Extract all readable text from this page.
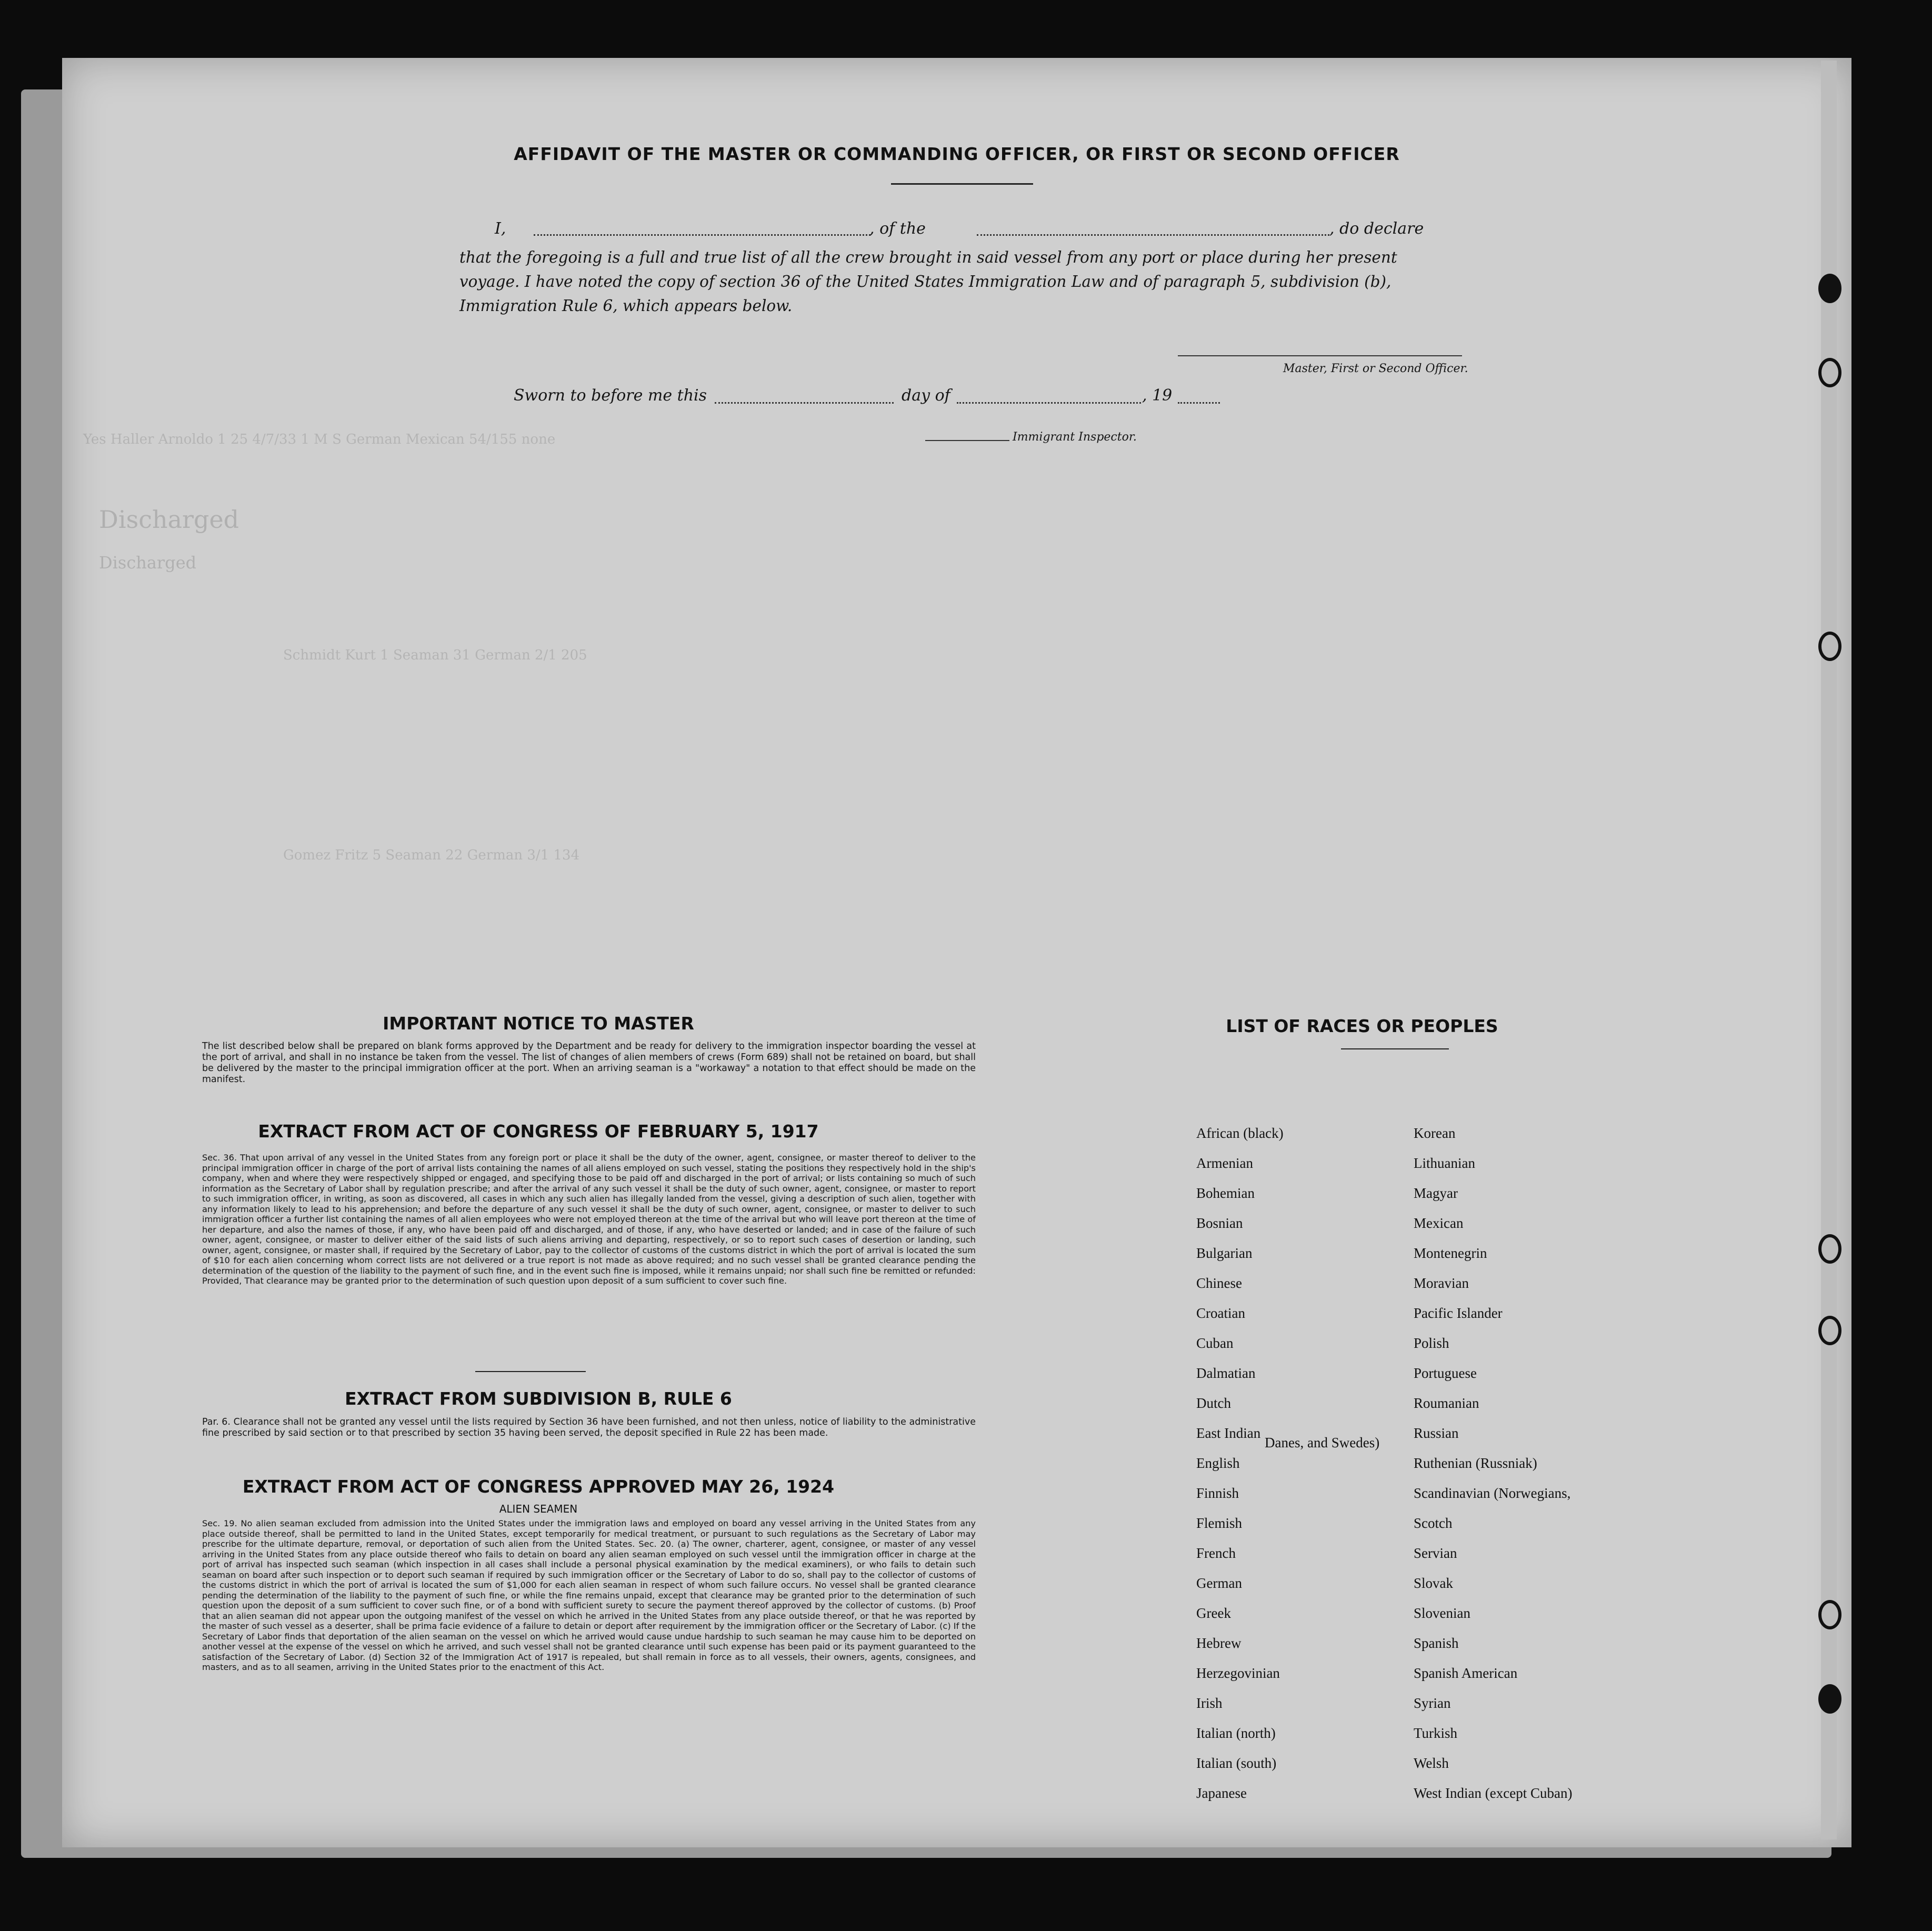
Discharged
Discharged
Yes Haller Arnoldo 1 25 4/7/33 1 M S German Mexican 54/155 none
Schmidt Kurt 1 Seaman 31 German 2/1 205
Gomez Fritz 5 Seaman 22 German 3/1 134
AFFIDAVIT OF THE MASTER OR COMMANDING OFFICER, OR FIRST OR SECOND OFFICER
I,	, of the	, do declare
that the foregoing is a full and true list of all the crew brought in said vessel from any port or place during her present
voyage. I have noted the copy of section 36 of the United States Immigration Law and of paragraph 5, subdivision (b),
Immigration Rule 6, which appears below.
Master, First or Second Officer.
Sworn to before me this	day of	, 19
Immigrant Inspector.
IMPORTANT NOTICE TO MASTER
The list described below shall be prepared on blank forms approved by the Department and be ready for delivery to the immigration inspector boarding the vessel at the port of arrival, and shall in no instance be taken from the vessel. The list of changes of alien members of crews (Form 689) shall not be retained on board, but shall be delivered by the master to the principal immigration officer at the port. When an arriving seaman is a "workaway" a notation to that effect should be made on the manifest.
EXTRACT FROM ACT OF CONGRESS OF FEBRUARY 5, 1917
Sec. 36. That upon arrival of any vessel in the United States from any foreign port or place it shall be the duty of the owner, agent, consignee, or master thereof to deliver to the principal immigration officer in charge of the port of arrival lists containing the names of all aliens employed on such vessel, stating the positions they respectively hold in the ship's company, when and where they were respectively shipped or engaged, and specifying those to be paid off and discharged in the port of arrival; or lists containing so much of such information as the Secretary of Labor shall by regulation prescribe; and after the arrival of any such vessel it shall be the duty of such owner, agent, consignee, or master to report to such immigration officer, in writing, as soon as discovered, all cases in which any such alien has illegally landed from the vessel, giving a description of such alien, together with any information likely to lead to his apprehension; and before the departure of any such vessel it shall be the duty of such owner, agent, consignee, or master to deliver to such immigration officer a further list containing the names of all alien employees who were not employed thereon at the time of the arrival but who will leave port thereon at the time of her departure, and also the names of those, if any, who have been paid off and discharged, and of those, if any, who have deserted or landed; and in case of the failure of such owner, agent, consignee, or master to deliver either of the said lists of such aliens arriving and departing, respectively, or so to report such cases of desertion or landing, such owner, agent, consignee, or master shall, if required by the Secretary of Labor, pay to the collector of customs of the customs district in which the port of arrival is located the sum of $10 for each alien concerning whom correct lists are not delivered or a true report is not made as above required; and no such vessel shall be granted clearance pending the determination of the question of the liability to the payment of such fine, and in the event such fine is imposed, while it remains unpaid; nor shall such fine be remitted or refunded: Provided, That clearance may be granted prior to the determination of such question upon deposit of a sum sufficient to cover such fine.
EXTRACT FROM SUBDIVISION B, RULE 6
Par. 6. Clearance shall not be granted any vessel until the lists required by Section 36 have been furnished, and not then unless, notice of liability to the administrative fine prescribed by said section or to that prescribed by section 35 having been served, the deposit specified in Rule 22 has been made.
EXTRACT FROM ACT OF CONGRESS APPROVED MAY 26, 1924
ALIEN SEAMEN
Sec. 19. No alien seaman excluded from admission into the United States under the immigration laws and employed on board any vessel arriving in the United States from any place outside thereof, shall be permitted to land in the United States, except temporarily for medical treatment, or pursuant to such regulations as the Secretary of Labor may prescribe for the ultimate departure, removal, or deportation of such alien from the United States. Sec. 20. (a) The owner, charterer, agent, consignee, or master of any vessel arriving in the United States from any place outside thereof who fails to detain on board any alien seaman employed on such vessel until the immigration officer in charge at the port of arrival has inspected such seaman (which inspection in all cases shall include a personal physical examination by the medical examiners), or who fails to detain such seaman on board after such inspection or to deport such seaman if required by such immigration officer or the Secretary of Labor to do so, shall pay to the collector of customs of the customs district in which the port of arrival is located the sum of $1,000 for each alien seaman in respect of whom such failure occurs. No vessel shall be granted clearance pending the determination of the liability to the payment of such fine, or while the fine remains unpaid, except that clearance may be granted prior to the determination of such question upon the deposit of a sum sufficient to cover such fine, or of a bond with sufficient surety to secure the payment thereof approved by the collector of customs. (b) Proof that an alien seaman did not appear upon the outgoing manifest of the vessel on which he arrived in the United States from any place outside thereof, or that he was reported by the master of such vessel as a deserter, shall be prima facie evidence of a failure to detain or deport after requirement by the immigration officer or the Secretary of Labor. (c) If the Secretary of Labor finds that deportation of the alien seaman on the vessel on which he arrived would cause undue hardship to such seaman he may cause him to be deported on another vessel at the expense of the vessel on which he arrived, and such vessel shall not be granted clearance until such expense has been paid or its payment guaranteed to the satisfaction of the Secretary of Labor. (d) Section 32 of the Immigration Act of 1917 is repealed, but shall remain in force as to all vessels, their owners, agents, consignees, and masters, and as to all seamen, arriving in the United States prior to the enactment of this Act.
LIST OF RACES OR PEOPLES
Danes, and Swedes)
African (black)
Armenian
Bohemian
Bosnian
Bulgarian
Chinese
Croatian
Cuban
Dalmatian
Dutch
East Indian
English
Finnish
Flemish
French
German
Greek
Hebrew
Herzegovinian
Irish
Italian (north)
Italian (south)
Japanese
Korean
Lithuanian
Magyar
Mexican
Montenegrin
Moravian
Pacific Islander
Polish
Portuguese
Roumanian
Russian
Ruthenian (Russniak)
Scandinavian (Norwegians,
Scotch
Servian
Slovak
Slovenian
Spanish
Spanish American
Syrian
Turkish
Welsh
West Indian (except Cuban)
